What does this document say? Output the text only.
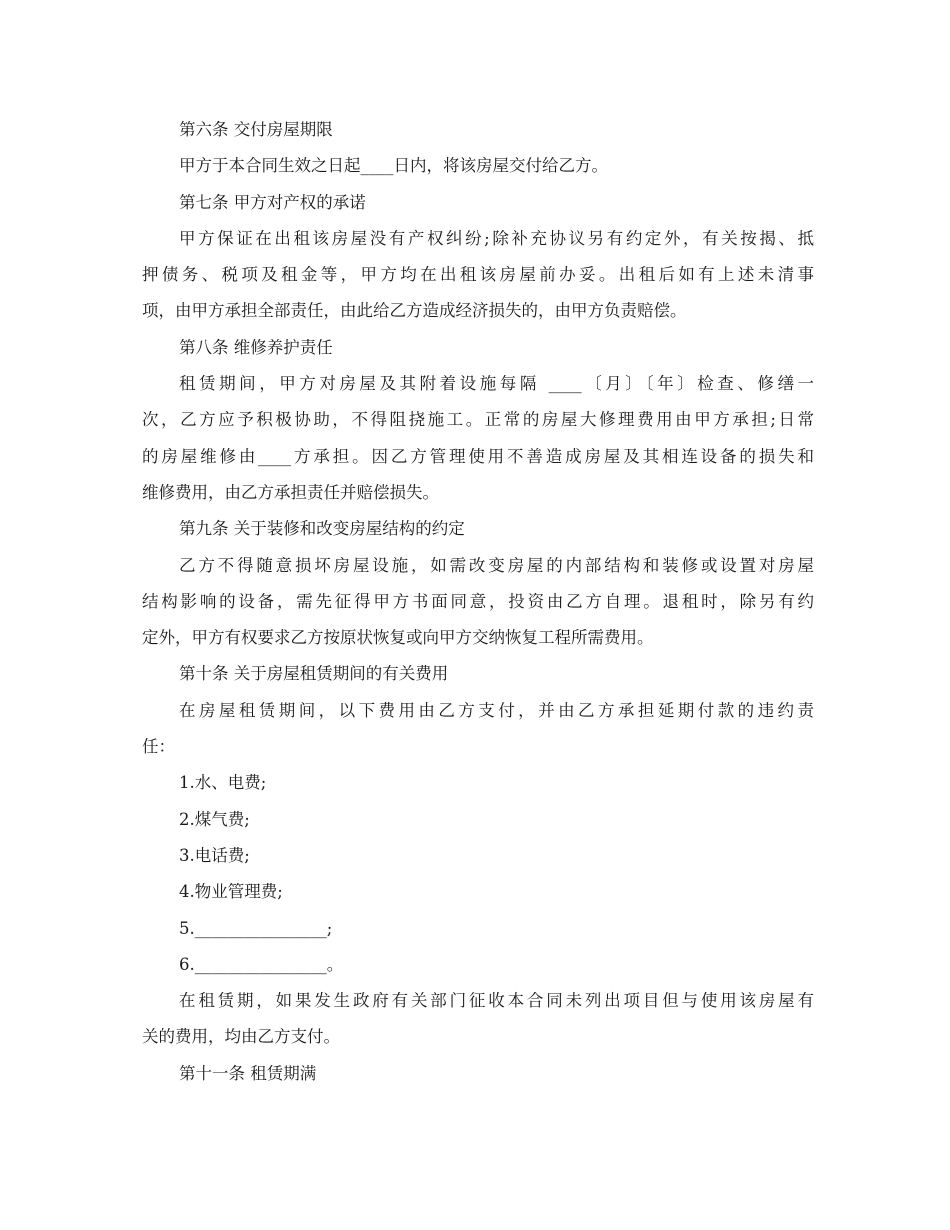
第六条 交付房屋期限
甲方于本合同生效之日起____日内，将该房屋交付给乙方。
第七条 甲方对产权的承诺
甲方保证在出租该房屋没有产权纠纷;除补充协议另有约定外，有关按揭、抵
押债务、税项及租金等，甲方均在出租该房屋前办妥。出租后如有上述未清事
项，由甲方承担全部责任，由此给乙方造成经济损失的，由甲方负责赔偿。
第八条 维修养护责任
租赁期间，甲方对房屋及其附着设施每隔 ____〔月〕〔年〕检查、修缮一
次，乙方应予积极协助，不得阻挠施工。正常的房屋大修理费用由甲方承担;日常
的房屋维修由____方承担。因乙方管理使用不善造成房屋及其相连设备的损失和
维修费用，由乙方承担责任并赔偿损失。
第九条 关于装修和改变房屋结构的约定
乙方不得随意损坏房屋设施，如需改变房屋的内部结构和装修或设置对房屋
结构影响的设备，需先征得甲方书面同意，投资由乙方自理。退租时，除另有约
定外，甲方有权要求乙方按原状恢复或向甲方交纳恢复工程所需费用。
第十条 关于房屋租赁期间的有关费用
在房屋租赁期间，以下费用由乙方支付，并由乙方承担延期付款的违约责
任：
1.水、电费;
2.煤气费;
3.电话费;
4.物业管理费;
5.________________;
6.________________。
在租赁期，如果发生政府有关部门征收本合同未列出项目但与使用该房屋有
关的费用，均由乙方支付。
第十一条 租赁期满
